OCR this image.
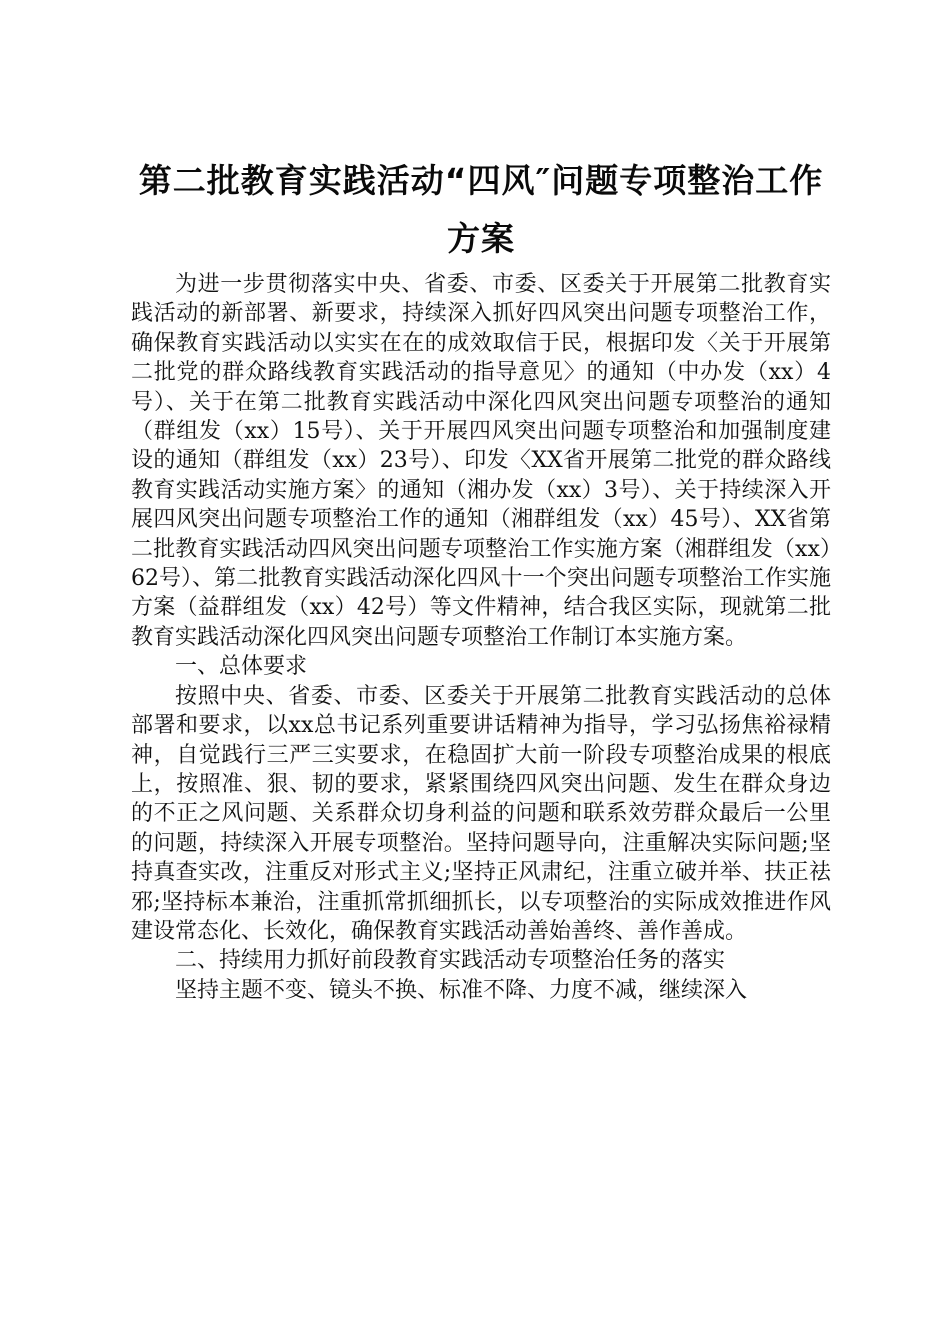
第二批教育实践活动“四风″问题专项整治工作方案

为进一步贯彻落实中央、省委、市委、区委关于开展第二批教育实践活动的新部署、新要求，持续深入抓好四风突出问题专项整治工作，确保教育实践活动以实实在在的成效取信于民，根据印发〈关于开展第二批党的群众路线教育实践活动的指导意见〉的通知（中办发（xx）4号）、关于在第二批教育实践活动中深化四风突出问题专项整治的通知（群组发（xx）15号）、关于开展四风突出问题专项整治和加强制度建设的通知（群组发（xx）23号）、印发〈XX省开展第二批党的群众路线教育实践活动实施方案〉的通知（湘办发（xx）3号）、关于持续深入开展四风突出问题专项整治工作的通知（湘群组发（xx）45号）、XX省第二批教育实践活动四风突出问题专项整治工作实施方案（湘群组发（xx）62号）、第二批教育实践活动深化四风十一个突出问题专项整治工作实施方案（益群组发（xx）42号）等文件精神，结合我区实际，现就第二批教育实践活动深化四风突出问题专项整治工作制订本实施方案。

一、总体要求

按照中央、省委、市委、区委关于开展第二批教育实践活动的总体部署和要求，以xx总书记系列重要讲话精神为指导，学习弘扬焦裕禄精神，自觉践行三严三实要求，在稳固扩大前一阶段专项整治成果的根底上，按照准、狠、韧的要求，紧紧围绕四风突出问题、发生在群众身边的不正之风问题、关系群众切身利益的问题和联系效劳群众最后一公里的问题，持续深入开展专项整治。坚持问题导向，注重解决实际问题;坚持真查实改，注重反对形式主义;坚持正风肃纪，注重立破并举、扶正祛邪;坚持标本兼治，注重抓常抓细抓长，以专项整治的实际成效推进作风建设常态化、长效化，确保教育实践活动善始善终、善作善成。

二、持续用力抓好前段教育实践活动专项整治任务的落实

坚持主题不变、镜头不换、标准不降、力度不减，继续深入
